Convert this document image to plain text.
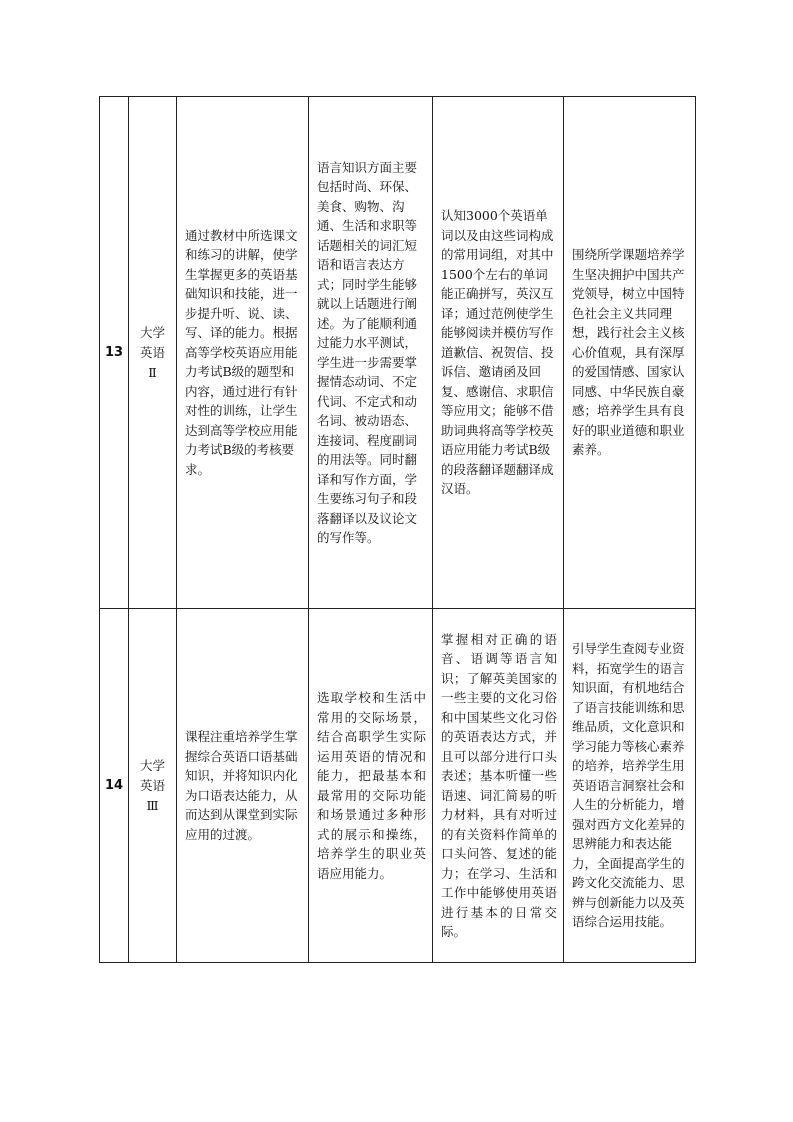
13	大学
英语
Ⅱ	通过教材中所选课文和练习的讲解，使学生掌握更多的英语基础知识和技能，进一步提升听、说、读、写、译的能力。根据高等学校英语应用能力考试B级的题型和内容，通过进行有针对性的训练，让学生达到高等学校应用能力考试B级的考核要求。	语言知识方面主要包括时尚、环保、美食、购物、沟通、生活和求职等话题相关的词汇短语和语言表达方式；同时学生能够就以上话题进行阐述。为了能顺利通过能力水平测试，学生进一步需要掌握情态动词、不定代词、不定式和动名词、被动语态、连接词、程度副词的用法等。同时翻译和写作方面，学生要练习句子和段落翻译以及议论文的写作等。	认知3000个英语单词以及由这些词构成的常用词组，对其中1500个左右的单词能正确拼写，英汉互译；通过范例使学生能够阅读并模仿写作道歉信、祝贺信、投诉信、邀请函及回复、感谢信、求职信等应用文；能够不借助词典将高等学校英语应用能力考试B级的段落翻译题翻译成汉语。	围绕所学课题培养学生坚决拥护中国共产党领导，树立中国特色社会主义共同理想，践行社会主义核心价值观，具有深厚的爱国情感、国家认同感、中华民族自豪感；培养学生具有良好的职业道德和职业素养。

14	大学
英语
Ⅲ	课程注重培养学生掌握综合英语口语基础知识，并将知识内化为口语表达能力，从而达到从课堂到实际应用的过渡。	选取学校和生活中常用的交际场景，结合高职学生实际运用英语的情况和能力，把最基本和最常用的交际功能和场景通过多种形式的展示和操练，培养学生的职业英语应用能力。	掌握相对正确的语音、语调等语言知识；了解英美国家的一些主要的文化习俗和中国某些文化习俗的英语表达方式，并且可以部分进行口头表述；基本听懂一些语速、词汇简易的听力材料，具有对听过的有关资料作简单的口头问答、复述的能力；在学习、生活和工作中能够使用英语进行基本的日常交际。	引导学生查阅专业资料，拓宽学生的语言知识面，有机地结合了语言技能训练和思维品质，文化意识和学习能力等核心素养的培养，培养学生用英语语言洞察社会和人生的分析能力，增强对西方文化差异的思辨能力和表达能力，全面提高学生的跨文化交流能力、思辨与创新能力以及英语综合运用技能。
